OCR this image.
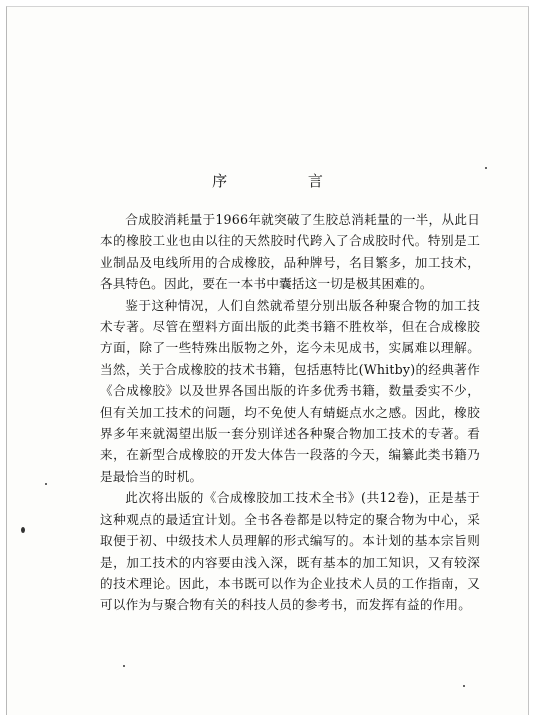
序 言

合成胶消耗量于1966年就突破了生胶总消耗量的一半，从此日本的橡胶工业也由以往的天然胶时代跨入了合成胶时代。特别是工业制品及电线所用的合成橡胶，品种牌号，名目繁多，加工技术，各具特色。因此，要在一本书中囊括这一切是极其困难的。

鉴于这种情况，人们自然就希望分别出版各种聚合物的加工技术专著。尽管在塑料方面出版的此类书籍不胜枚举，但在合成橡胶方面，除了一些特殊出版物之外，迄今未见成书，实属难以理解。当然，关于合成橡胶的技术书籍，包括惠特比(Whitby)的经典著作《合成橡胶》以及世界各国出版的许多优秀书籍，数量委实不少，但有关加工技术的问题，均不免使人有蜻蜓点水之感。因此，橡胶界多年来就渴望出版一套分别详述各种聚合物加工技术的专著。看来，在新型合成橡胶的开发大体告一段落的今天，编纂此类书籍乃是最恰当的时机。

此次将出版的《合成橡胶加工技术全书》(共12卷)，正是基于这种观点的最适宜计划。全书各卷都是以特定的聚合物为中心，采取便于初、中级技术人员理解的形式编写的。本计划的基本宗旨则是，加工技术的内容要由浅入深，既有基本的加工知识，又有较深的技术理论。因此，本书既可以作为企业技术人员的工作指南，又可以作为与聚合物有关的科技人员的参考书，而发挥有益的作用。
